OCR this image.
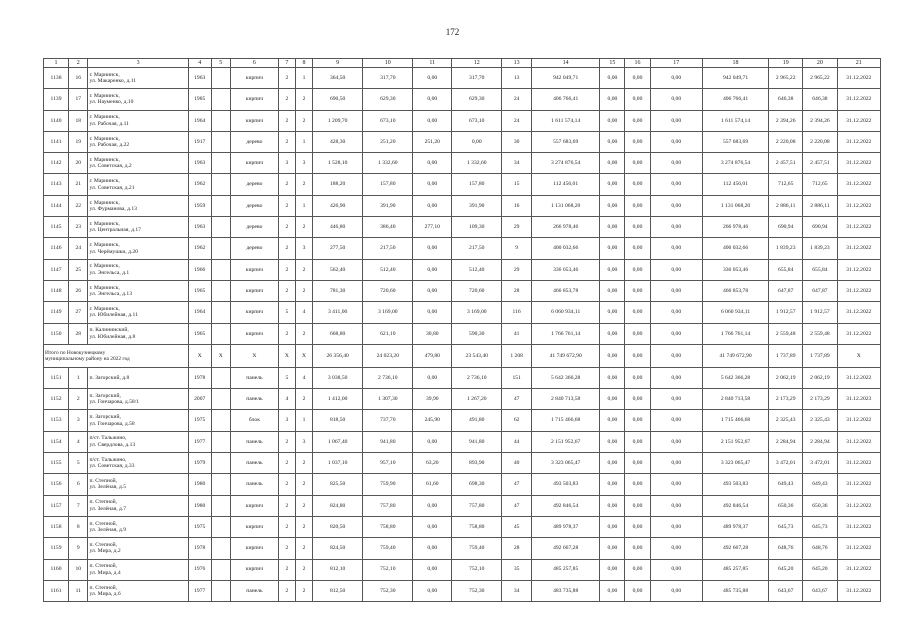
172
1	2	3	4	5	6	7	8	9	10	11	12	13	14	15	16	17	18	19	20	21
1138	16	г. Мариинск,
ул. Макаренко, д.11	1963		кирпич	2	1	364,50	317,70	0,00	317,70	13	942 049,71	0,00	0,00	0,00	942 049,71	2 965,22	2 965,22	31.12.2022
1139	17	г. Мариинск,
ул. Науменко, д.10	1985		кирпич	2	2	690,50	629,30	0,00	629,30	24	406 766,41	0,00	0,00	0,00	406 766,41	646,38	646,38	31.12.2022
1140	18	г. Мариинск,
ул. Рабочая, д.11	1964		кирпич	2	2	1 209,70	673,10	0,00	673,10	24	1 611 574,14	0,00	0,00	0,00	1 611 574,14	2 394,26	2 394,26	31.12.2022
1141	19	г. Мариинск,
ул. Рабочая, д.22	1917		дерево	2	1	428,30	251,20	251,20	0,00	30	557 683,69	0,00	0,00	0,00	557 683,69	2 220,08	2 220,08	31.12.2022
1142	20	г. Мариинск,
ул. Советская, д.2	1963		кирпич	3	3	1 528,10	1 332,60	0,00	1 332,60	34	3 274 876,54	0,00	0,00	0,00	3 274 876,54	2 457,51	2 457,51	31.12.2022
1143	21	г. Мариинск,
ул. Советская, д.21	1962		дерево	2	2	188,20	157,80	0,00	157,80	15	112 456,01	0,00	0,00	0,00	112 456,01	712,65	712,65	31.12.2022
1144	22	г. Мариинск,
ул. Фурманова, д.13	1959		дерево	2	1	426,90	391,90	0,00	391,90	16	1 131 068,20	0,00	0,00	0,00	1 131 068,20	2 886,11	2 886,11	31.12.2022
1145	23	г. Мариинск,
ул. Центральная, д.17	1963		дерево	2	2	446,80	386,40	277,10	109,30	29	266 978,46	0,00	0,00	0,00	266 978,46	690,94	690,94	31.12.2022
1146	24	г. Мариинск,
ул. Черёмушки, д.20	1962		дерево	2	3	277,50	217,50	0,00	217,50	9	400 032,66	0,00	0,00	0,00	400 032,66	1 839,23	1 839,23	31.12.2022
1147	25	г. Мариинск,
ул. Энгельса, д.1	1966		кирпич	2	2	562,40	512,40	0,00	512,40	29	336 053,46	0,00	0,00	0,00	336 053,46	655,84	655,84	31.12.2022
1148	26	г. Мариинск,
ул. Энгельса, д.13	1965		кирпич	2	2	781,30	720,60	0,00	720,60	28	466 853,78	0,00	0,00	0,00	466 853,78	647,87	647,87	31.12.2022
1149	27	г. Мариинск,
ул. Юбилейная, д.11	1964		кирпич	5	4	3 411,00	3 169,00	0,00	3 169,00	116	6 060 934,11	0,00	0,00	0,00	6 060 934,11	1 912,57	1 912,57	31.12.2022
1150	28	п. Калининский,
ул. Юбилейная, д.8	1965		кирпич	2	2	668,80	621,10	30,80	590,30	41	1 766 761,14	0,00	0,00	0,00	1 766 761,14	2 559,48	2 559,48	31.12.2022
Итого по Новокузнецкому
муниципальному району на 2022 год			X	X	X	X	X	26 356,40	24 023,20	479,80	23 543,40	1 208	41 749 672,90	0,00	0,00	0,00	41 749 672,90	1 737,89	1 737,89	X
1151	1	п. Загорский, д.8	1978		панель	5	4	3 038,50	2 736,10	0,00	2 736,10	151	5 642 366,28	0,00	0,00	0,00	5 642 366,28	2 062,19	2 062,19	31.12.2022
1152	2	п. Загорский,
ул. Гончарова, д.58/1	2007		панель	4	2	1 412,00	1 307,30	39,90	1 267,20	47	2 840 713,58	0,00	0,00	0,00	2 840 713,58	2 173,29	2 173,29	31.12.2023
1153	3	п. Загорский,
ул. Гончарова, д.58	1975		блок	3	1	818,50	737,70	245,90	491,80	62	1 715 466,68	0,00	0,00	0,00	1 715 466,68	2 325,43	2 325,43	31.12.2022
1154	4	п/ст. Тальжино,
ул. Свердлова, д.13	1977		панель	2	3	1 067,40	941,80	0,00	941,80	44	2 151 952,67	0,00	0,00	0,00	2 151 952,67	2 284,94	2 284,94	31.12.2022
1155	5	п/ст. Тальжино,
ул. Советская, д.33	1979		панель	2	2	1 037,10	957,10	63,20	893,90	40	3 323 065,47	0,00	0,00	0,00	3 323 065,47	3 472,01	3 472,01	31.12.2022
1156	6	п. Степной,
ул. Зелёная, д.5	1980		панель	2	2	825,50	759,90	61,60	698,30	47	493 503,83	0,00	0,00	0,00	493 503,83	649,43	649,43	31.12.2022
1157	7	п. Степной,
ул. Зелёная, д.7	1980		кирпич	2	2	824,80	757,80	0,00	757,80	47	492 846,54	0,00	0,00	0,00	492 846,54	650,36	650,36	31.12.2022
1158	8	п. Степной,
ул. Зелёная, д.9	1975		кирпич	2	2	820,50	758,80	0,00	758,80	45	489 978,37	0,00	0,00	0,00	489 978,37	645,73	645,73	31.12.2022
1159	9	п. Степной,
ул. Мира, д.2	1978		кирпич	2	2	824,50	759,40	0,00	759,40	28	492 667,28	0,00	0,00	0,00	492 667,28	648,76	648,76	31.12.2022
1160	10	п. Степной,
ул. Мира, д.4	1976		кирпич	2	2	812,10	752,10	0,00	752,10	35	485 257,85	0,00	0,00	0,00	485 257,85	645,20	645,20	31.12.2022
1161	11	п. Степной,
ул. Мира, д.6	1977		панель	2	2	812,50	752,30	0,00	752,30	34	483 735,88	0,00	0,00	0,00	485 735,88	643,67	643,67	31.12.2022
